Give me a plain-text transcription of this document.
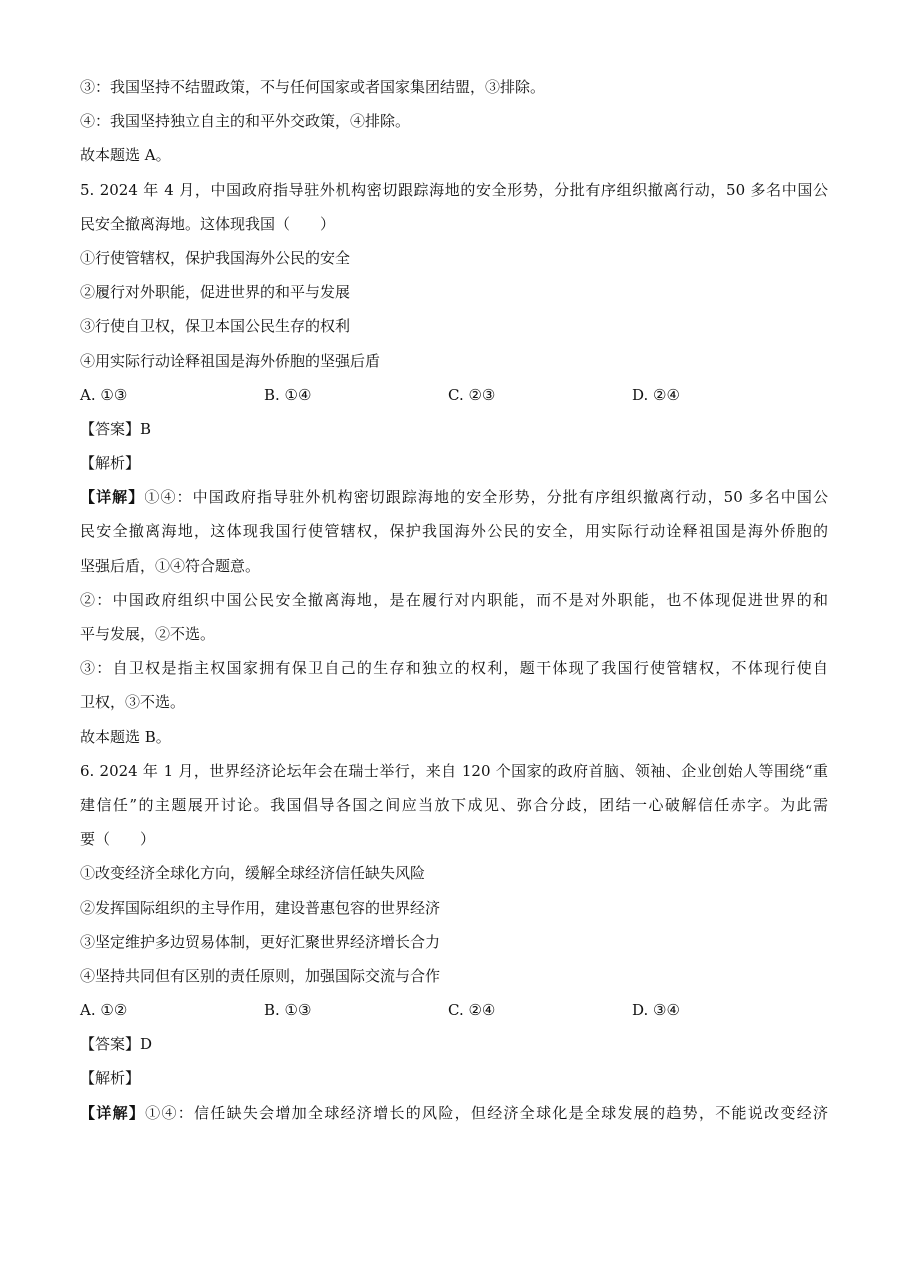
③：我国坚持不结盟政策，不与任何国家或者国家集团结盟，③排除。
④：我国坚持独立自主的和平外交政策，④排除。
故本题选 A。
5. 2024 年 4 月，中国政府指导驻外机构密切跟踪海地的安全形势，分批有序组织撤离行动，50 多名中国公
民安全撤离海地。这体现我国（　　）
①行使管辖权，保护我国海外公民的安全
②履行对外职能，促进世界的和平与发展
③行使自卫权，保卫本国公民生存的权利
④用实际行动诠释祖国是海外侨胞的坚强后盾
A. ①③	B. ①④	C. ②③	D. ②④
【答案】B
【解析】
【详解】①④：中国政府指导驻外机构密切跟踪海地的安全形势，分批有序组织撤离行动，50 多名中国公
民安全撤离海地，这体现我国行使管辖权，保护我国海外公民的安全，用实际行动诠释祖国是海外侨胞的
坚强后盾，①④符合题意。
②：中国政府组织中国公民安全撤离海地，是在履行对内职能，而不是对外职能，也不体现促进世界的和
平与发展，②不选。
③：自卫权是指主权国家拥有保卫自己的生存和独立的权利，题干体现了我国行使管辖权，不体现行使自
卫权，③不选。
故本题选 B。
6. 2024 年 1 月，世界经济论坛年会在瑞士举行，来自 120 个国家的政府首脑、领袖、企业创始人等围绕“重
建信任”的主题展开讨论。我国倡导各国之间应当放下成见、弥合分歧，团结一心破解信任赤字。为此需
要（　　）
①改变经济全球化方向，缓解全球经济信任缺失风险
②发挥国际组织的主导作用，建设普惠包容的世界经济
③坚定维护多边贸易体制，更好汇聚世界经济增长合力
④坚持共同但有区别的责任原则，加强国际交流与合作
A. ①②	B. ①③	C. ②④	D. ③④
【答案】D
【解析】
【详解】①④：信任缺失会增加全球经济增长的风险，但经济全球化是全球发展的趋势，不能说改变经济
